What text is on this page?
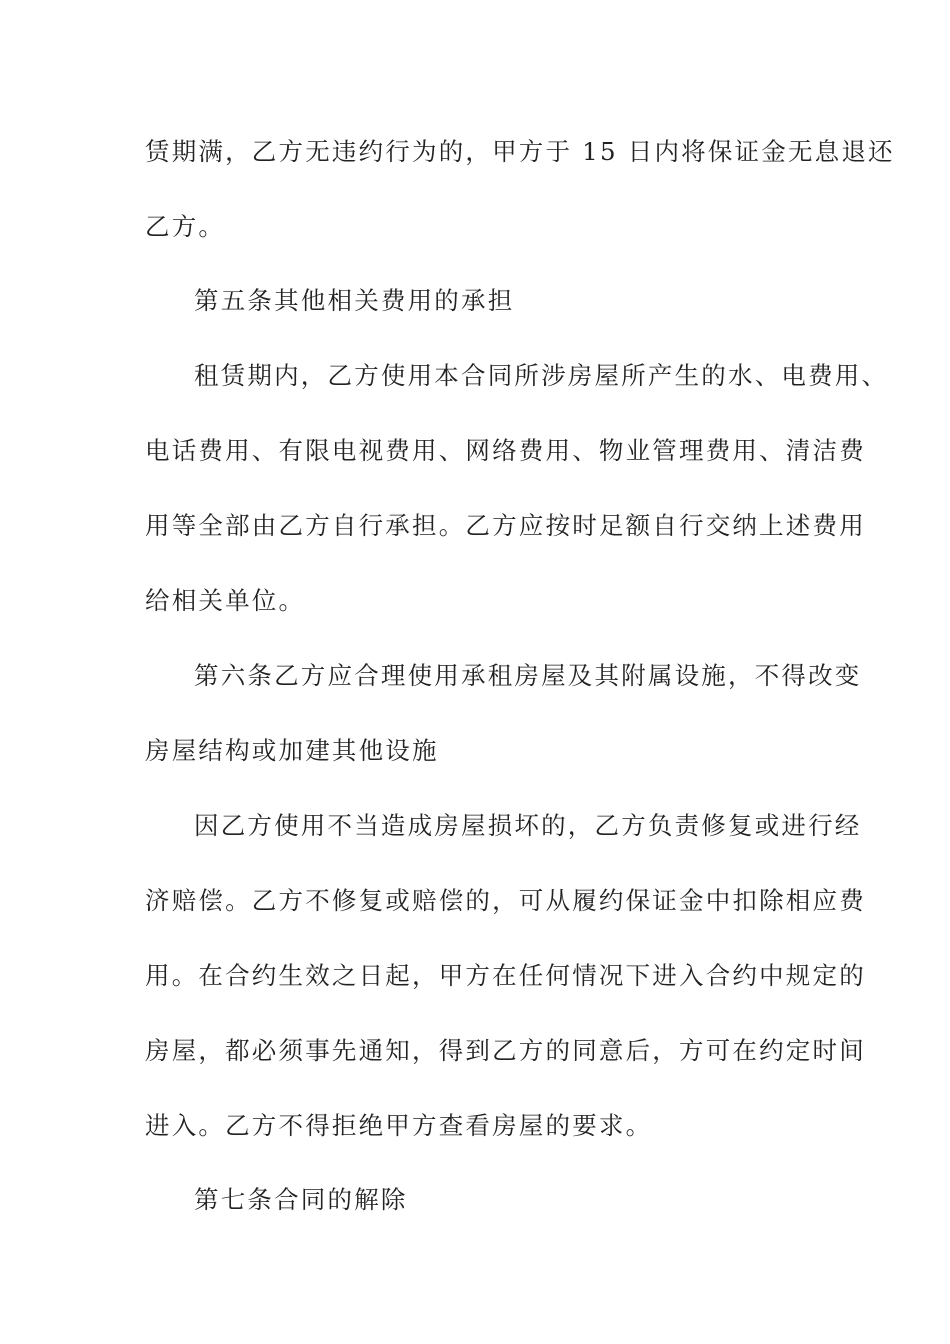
赁期满，乙方无违约行为的，甲方于 15 日内将保证金无息退还
乙方。
第五条其他相关费用的承担
租赁期内，乙方使用本合同所涉房屋所产生的水、电费用、
电话费用、有限电视费用、网络费用、物业管理费用、清洁费
用等全部由乙方自行承担。乙方应按时足额自行交纳上述费用
给相关单位。
第六条乙方应合理使用承租房屋及其附属设施，不得改变
房屋结构或加建其他设施
因乙方使用不当造成房屋损坏的，乙方负责修复或进行经
济赔偿。乙方不修复或赔偿的，可从履约保证金中扣除相应费
用。在合约生效之日起，甲方在任何情况下进入合约中规定的
房屋，都必须事先通知，得到乙方的同意后，方可在约定时间
进入。乙方不得拒绝甲方查看房屋的要求。
第七条合同的解除
